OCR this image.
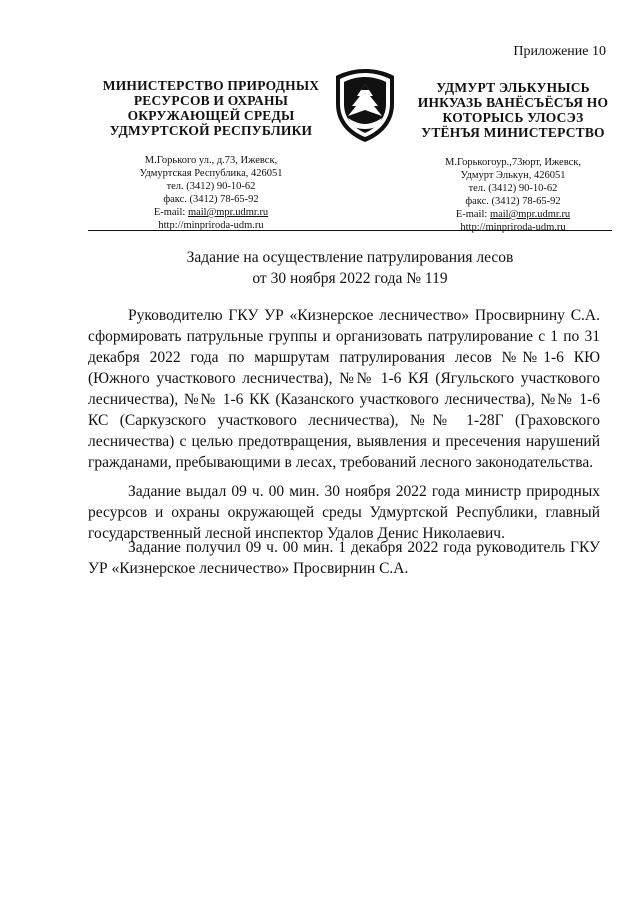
Приложение 10
МИНИСТЕРСТВО ПРИРОДНЫХ
РЕСУРСОВ И ОХРАНЫ
ОКРУЖАЮЩЕЙ СРЕДЫ
УДМУРТСКОЙ РЕСПУБЛИКИ
М.Горького ул., д.73, Ижевск,
Удмуртская Республика, 426051
тел. (3412) 90-10-62
факс. (3412) 78-65-92
E-mail: mail@mpr.udmr.ru
http://minpriroda-udm.ru
УДМУРТ ЭЛЬКУНЫСЬ
ИНКУАЗЬ ВАНЁСЪЁСЪЯ НО
КОТОРЫСЬ УЛОСЭЗ
УТЁНЪЯ МИНИСТЕРСТВО
М.Горькогоур.,73юрт, Ижевск,
Удмурт Элькун, 426051
тел. (3412) 90-10-62
факс. (3412) 78-65-92
E-mail: mail@mpr.udmr.ru
http://minpriroda-udm.ru
Задание на осуществление патрулирования лесов
от 30 ноября 2022 года № 119
Руководителю ГКУ УР «Кизнерское лесничество» Просвирнину С.А. сформировать патрульные группы и организовать патрулирование с 1 по 31 декабря 2022 года по маршрутам патрулирования лесов №№1-6 КЮ (Южного участкового лесничества), №№ 1-6 КЯ (Ягульского участкового лесничества), №№ 1-6 КК (Казанского участкового лесничества), №№ 1-6 КС (Саркузского участкового лесничества), №№ 1-28Г (Граховского лесничества) с целью предотвращения, выявления и пресечения нарушений гражданами, пребывающими в лесах, требований лесного законодательства.
Задание выдал 09 ч. 00 мин. 30 ноября 2022 года министр природных ресурсов и охраны окружающей среды Удмуртской Республики, главный государственный лесной инспектор Удалов Денис Николаевич.
Задание получил 09 ч. 00 мин. 1 декабря 2022 года руководитель ГКУ УР «Кизнерское лесничество» Просвирнин С.А.
